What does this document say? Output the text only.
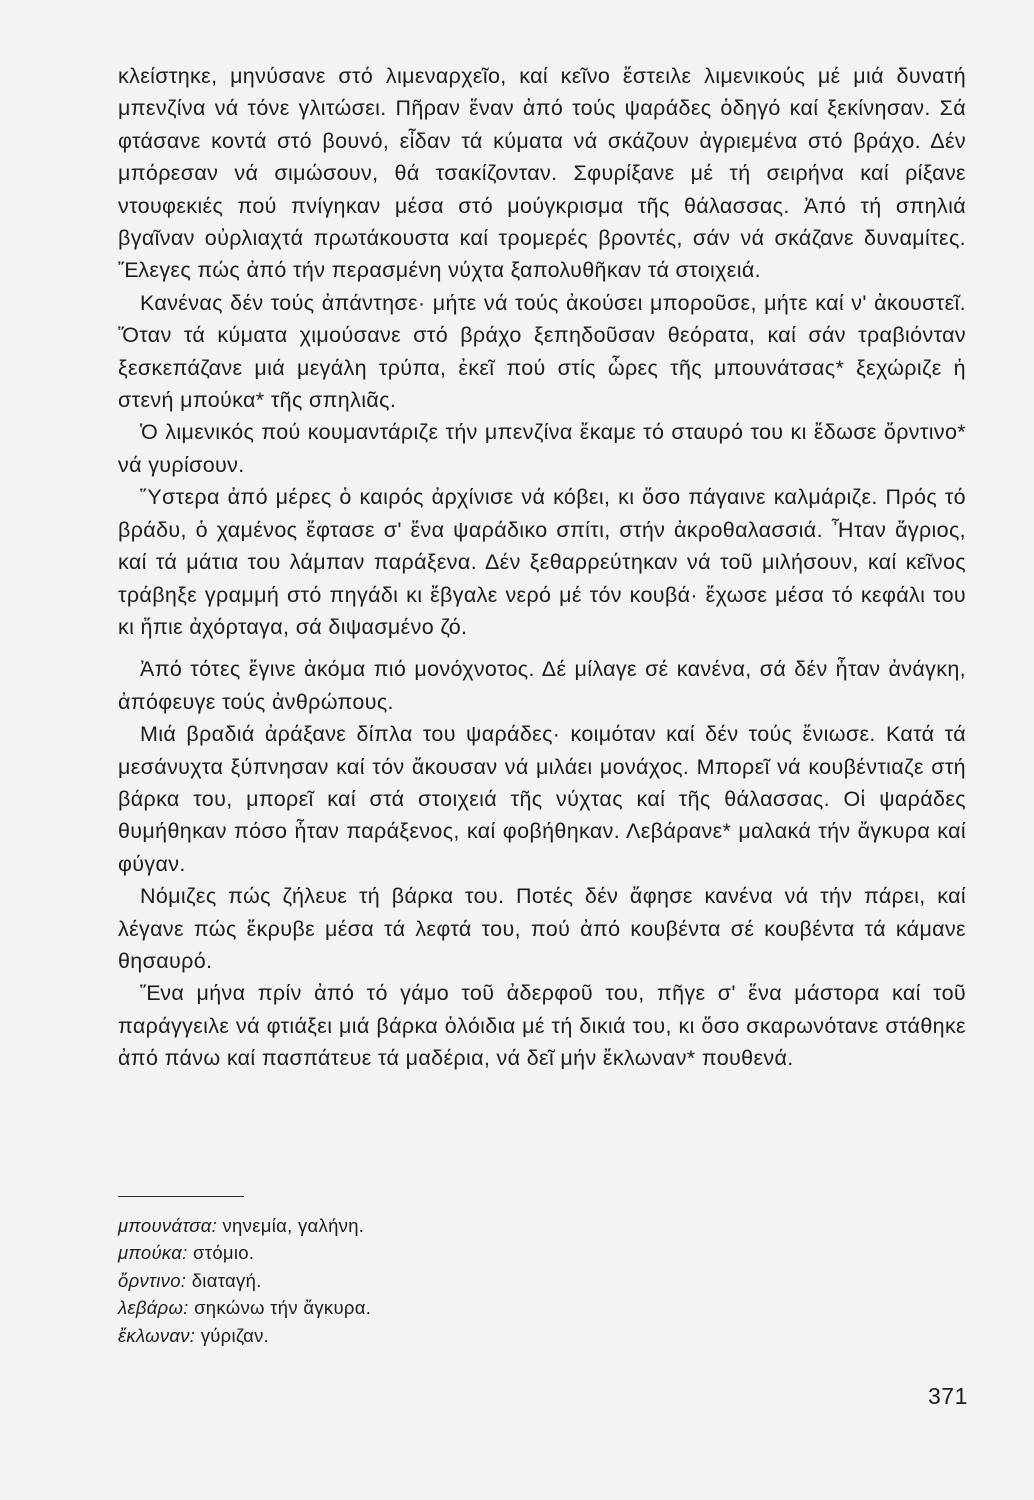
κλείστηκε, μηνύσανε στό λιμεναρχεῖο, καί κεῖνο ἔστειλε λιμενικούς μέ μιά δυνατή μπενζίνα νά τόνε γλιτώσει. Πῆραν ἕναν ἀπό τούς ψαράδες ὁδηγό καί ξεκίνησαν. Σά φτάσανε κοντά στό βουνό, εἶδαν τά κύματα νά σκάζουν ἀγριεμένα στό βράχο. Δέν μπόρεσαν νά σιμώσουν, θά τσακίζονταν. Σφυρίξανε μέ τή σειρήνα καί ρίξανε ντουφεκιές πού πνίγηκαν μέσα στό μούγκρισμα τῆς θάλασσας. Ἀπό τή σπηλιά βγαῖναν οὐρλιαχτά πρωτάκουστα καί τρομερές βροντές, σάν νά σκάζανε δυναμίτες. Ἔλεγες πώς ἀπό τήν περασμένη νύχτα ξαπολυθῆκαν τά στοιχειά.

Κανένας δέν τούς ἀπάντησε· μήτε νά τούς ἀκούσει μποροῦσε, μήτε καί ν' ἀκουστεῖ. Ὅταν τά κύματα χιμούσανε στό βράχο ξεπηδοῦσαν θεόρατα, καί σάν τραβιόνταν ξεσκεπάζανε μιά μεγάλη τρύπα, ἐκεῖ πού στίς ὧρες τῆς μπουνάτσας* ξεχώριζε ἡ στενή μπούκα* τῆς σπηλιᾶς.

Ὁ λιμενικός πού κουμαντάριζε τήν μπενζίνα ἔκαμε τό σταυρό του κι ἔδωσε ὄρντινο* νά γυρίσουν.

Ὕστερα ἀπό μέρες ὁ καιρός ἀρχίνισε νά κόβει, κι ὅσο πάγαινε καλμάριζε. Πρός τό βράδυ, ὁ χαμένος ἔφτασε σ' ἕνα ψαράδικο σπίτι, στήν ἀκροθαλασσιά. Ἦταν ἄγριος, καί τά μάτια του λάμπαν παράξενα. Δέν ξεθαρρεύτηκαν νά τοῦ μιλήσουν, καί κεῖνος τράβηξε γραμμή στό πηγάδι κι ἔβγαλε νερό μέ τόν κουβά· ἔχωσε μέσα τό κεφάλι του κι ἤπιε ἀχόρταγα, σά διψασμένο ζό.

Ἀπό τότες ἔγινε ἀκόμα πιό μονόχνοτος. Δέ μίλαγε σέ κανένα, σά δέν ἦταν ἀνάγκη, ἀπόφευγε τούς ἀνθρώπους.

Μιά βραδιά ἀράξανε δίπλα του ψαράδες· κοιμόταν καί δέν τούς ἔνιωσε. Κατά τά μεσάνυχτα ξύπνησαν καί τόν ἄκουσαν νά μιλάει μονάχος. Μπορεῖ νά κουβέντιαζε στή βάρκα του, μπορεῖ καί στά στοιχειά τῆς νύχτας καί τῆς θάλασσας. Οἱ ψαράδες θυμήθηκαν πόσο ἦταν παράξενος, καί φοβήθηκαν. Λεβάρανε* μαλακά τήν ἄγκυρα καί φύγαν.

Νόμιζες πώς ζήλευε τή βάρκα του. Ποτές δέν ἄφησε κανένα νά τήν πάρει, καί λέγανε πώς ἔκρυβε μέσα τά λεφτά του, πού ἀπό κουβέντα σέ κουβέντα τά κάμανε θησαυρό.

Ἕνα μήνα πρίν ἀπό τό γάμο τοῦ ἀδερφοῦ του, πῆγε σ' ἕνα μάστορα καί τοῦ παράγγειλε νά φτιάξει μιά βάρκα ὁλόιδια μέ τή δικιά του, κι ὅσο σκαρωνότανε στάθηκε ἀπό πάνω καί πασπάτευε τά μαδέρια, νά δεῖ μήν ἔκλωναν* πουθενά.

μπουνάτσα: νηνεμία, γαλήνη.

μπούκα: στόμιο.

ὄρντινο: διαταγή.

λεβάρω: σηκώνω τήν ἄγκυρα.

ἔκλωναν: γύριζαν.

371
